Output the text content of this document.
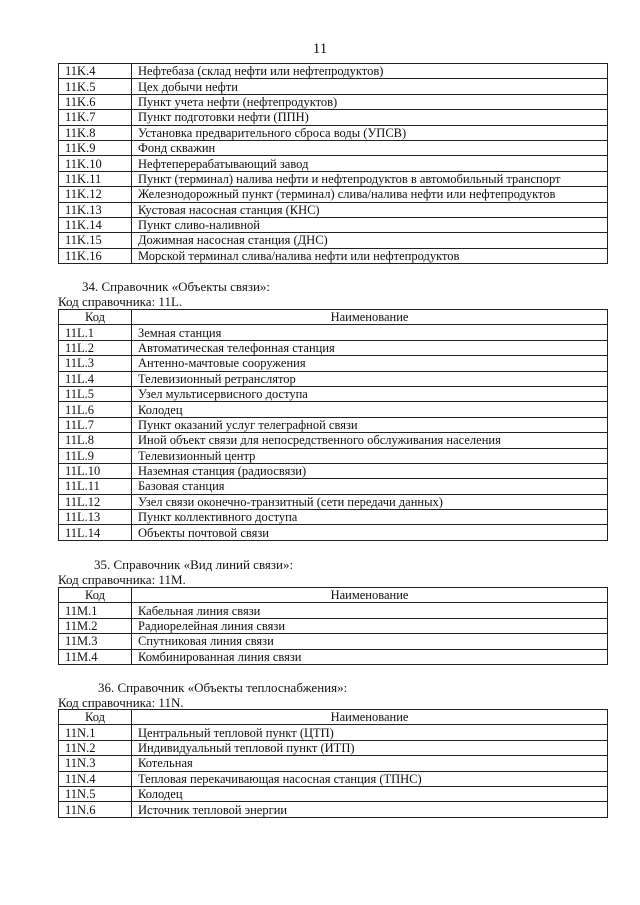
11
11K.4	Нефтебаза (склад нефти или нефтепродуктов)
11K.5	Цех добычи нефти
11K.6	Пункт учета нефти (нефтепродуктов)
11K.7	Пункт подготовки нефти (ППН)
11K.8	Установка предварительного сброса воды (УПСВ)
11K.9	Фонд скважин
11K.10	Нефтеперерабатывающий завод
11K.11	Пункт (терминал) налива нефти и нефтепродуктов в автомобильный транспорт
11K.12	Железнодорожный пункт (терминал) слива/налива нефти или нефтепродуктов
11K.13	Кустовая насосная станция (КНС)
11K.14	Пункт сливо-наливной
11K.15	Дожимная насосная станция (ДНС)
11K.16	Морской терминал слива/налива нефти или нефтепродуктов
34. Справочник «Объекты связи»:
Код справочника: 11L.
Код	Наименование
11L.1	Земная станция
11L.2	Автоматическая телефонная станция
11L.3	Антенно-мачтовые сооружения
11L.4	Телевизионный ретранслятор
11L.5	Узел мультисервисного доступа
11L.6	Колодец
11L.7	Пункт оказаний услуг телеграфной связи
11L.8	Иной объект связи для непосредственного обслуживания населения
11L.9	Телевизионный центр
11L.10	Наземная станция (радиосвязи)
11L.11	Базовая станция
11L.12	Узел связи оконечно-транзитный (сети передачи данных)
11L.13	Пункт коллективного доступа
11L.14	Объекты почтовой связи
35. Справочник «Вид линий связи»:
Код справочника: 11M.
Код	Наименование
11M.1	Кабельная линия связи
11M.2	Радиорелейная линия связи
11M.3	Спутниковая линия связи
11M.4	Комбинированная линия связи
36. Справочник «Объекты теплоснабжения»:
Код справочника: 11N.
Код	Наименование
11N.1	Центральный тепловой пункт (ЦТП)
11N.2	Индивидуальный тепловой пункт (ИТП)
11N.3	Котельная
11N.4	Тепловая перекачивающая насосная станция (ТПНС)
11N.5	Колодец
11N.6	Источник тепловой энергии
